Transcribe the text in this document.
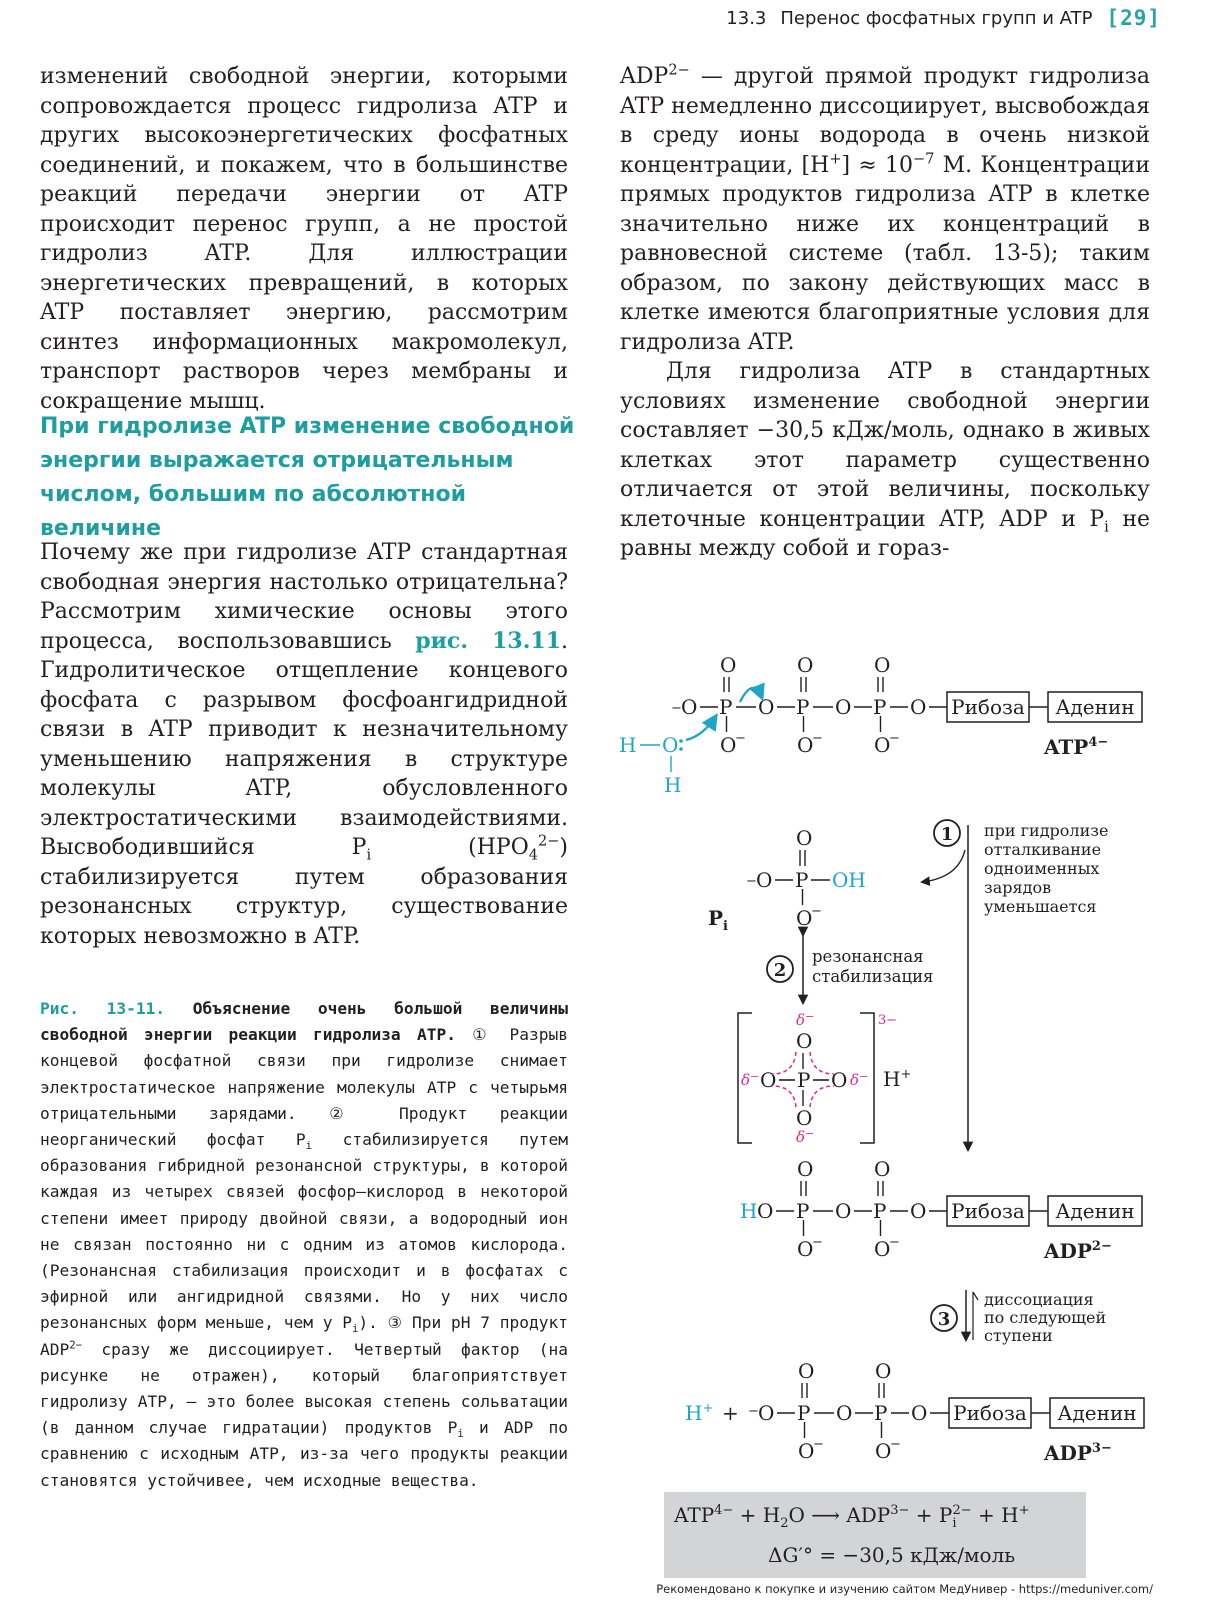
13.3 Перенос фосфатных групп и ATP [29]

изменений свободной энергии, которыми сопровождается процесс гидролиза ATP и других высокоэнергетических фосфатных соединений, и покажем, что в большинстве реакций передачи энергии от ATP происходит перенос групп, а не простой гидролиз ATP. Для иллюстрации энергетических превращений, в которых ATP поставляет энергию, рассмотрим синтез информационных макромолекул, транспорт растворов через мембраны и сокращение мышц.

При гидролизе ATP изменение свободной энергии выражается отрицательным числом, большим по абсолютной величине

Почему же при гидролизе ATP стандартная свободная энергия настолько отрицательна? Рассмотрим химические основы этого процесса, воспользовавшись рис. 13.11. Гидролитическое отщепление концевого фосфата с разрывом фосфоангидридной связи в ATP приводит к незначительному уменьшению напряжения в структуре молекулы ATP, обусловленного электростатическими взаимодействиями. Высвободившийся $P_i$ $(HPO_4^{2-})$ стабилизируется путем образования резонансных структур, существование которых невозможно в ATP.

Рис. 13-11. Объяснение очень большой величины свободной энергии реакции гидролиза ATP. ① Разрыв концевой фосфатной связи при гидролизе снимает электростатическое напряжение молекулы ATP с четырьмя отрицательными зарядами. ② Продукт реакции неорганический фосфат $P_i$ стабилизируется путем образования гибридной резонансной структуры, в которой каждая из четырех связей фосфор–кислород в некоторой степени имеет природу двойной связи, а водородный ион не связан постоянно ни с одним из атомов кислорода. (Резонансная стабилизация происходит и в фосфатах с эфирной или ангидридной связями. Но у них число резонансных форм меньше, чем у $P_i$). ③ При pH 7 продукт $ADP^{2-}$ сразу же диссоциирует. Четвертый фактор (на рисунке не отражен), который благоприятствует гидролизу ATP, — это более высокая степень сольватации (в данном случае гидратации) продуктов $P_i$ и ADP по сравнению с исходным ATP, из-за чего продукты реакции становятся устойчивее, чем исходные вещества.

$ADP^{2-}$ — другой прямой продукт гидролиза ATP немедленно диссоциирует, высвобождая в среду ионы водорода в очень низкой концентрации, $[H^+] \approx 10^{-7}$ M. Концентрации прямых продуктов гидролиза ATP в клетке значительно ниже их концентраций в равновесной системе (табл. 13-5); таким образом, по закону действующих масс в клетке имеются благоприятные условия для гидролиза ATP.

Для гидролиза ATP в стандартных условиях изменение свободной энергии составляет −30,5 кДж/моль, однако в живых клетках этот параметр существенно отличается от этой величины, поскольку клеточные концентрации ATP, ADP и $P_i$ не равны между собой и гораз-

− O P
O
O
−
O P
O
O
−
O P
O
O
−
O Рибоза Аденин
$ATP^{4-}$
H O
H
O
− O P OH
O
−
$P_i$
2
резонансная
стабилизация
3−
H+
δ−
δ−
δ−	δ−
O
O P O
O
1 при гидролизе
отталкивание
одноименных
зарядов
уменьшается
H O P
O
O
−
O P
O
O
−
O Рибоза Аденин
$ADP^{2-}$
3
диссоциация
по следующей
ступени
H+ + − O P
O
O
−
O P
O
O
−
O Рибоза Аденин
$ADP^{3-}$
$ATP^{4-} + H_2O$ ⟶ $ADP^{3-} + P_i2- + H^+$
ΔG′° = −30,5 кДж/моль
Рекомендовано к покупке и изучению сайтом МедУнивер - https://meduniver.com/
